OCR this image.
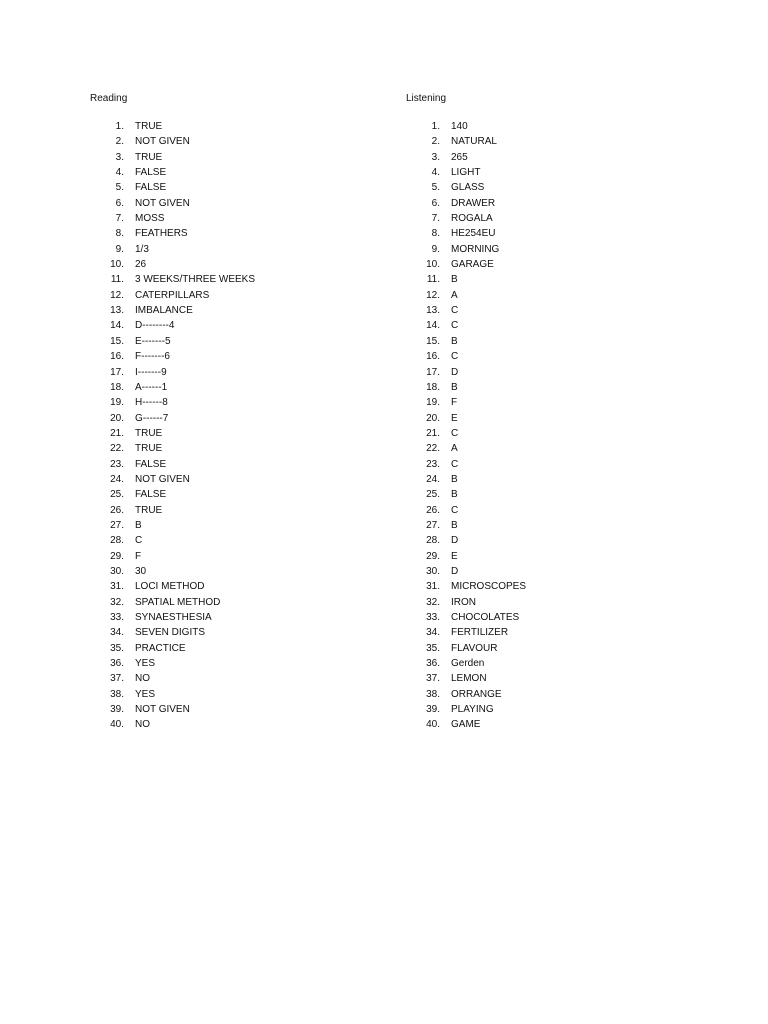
Reading
1. TRUE
2. NOT GIVEN
3. TRUE
4. FALSE
5. FALSE
6. NOT GIVEN
7. MOSS
8. FEATHERS
9. 1/3
10. 26
11. 3 WEEKS/THREE WEEKS
12. CATERPILLARS
13. IMBALANCE
14. D--------4
15. E-------5
16. F-------6
17. I-------9
18. A------1
19. H------8
20. G------7
21. TRUE
22. TRUE
23. FALSE
24. NOT GIVEN
25. FALSE
26. TRUE
27. B
28. C
29. F
30. 30
31. LOCI METHOD
32. SPATIAL METHOD
33. SYNAESTHESIA
34. SEVEN DIGITS
35. PRACTICE
36. YES
37. NO
38. YES
39. NOT GIVEN
40. NO
Listening
1. 140
2. NATURAL
3. 265
4. LIGHT
5. GLASS
6. DRAWER
7. ROGALA
8. HE254EU
9. MORNING
10. GARAGE
11. B
12. A
13. C
14. C
15. B
16. C
17. D
18. B
19. F
20. E
21. C
22. A
23. C
24. B
25. B
26. C
27. B
28. D
29. E
30. D
31. MICROSCOPES
32. IRON
33. CHOCOLATES
34. FERTILIZER
35. FLAVOUR
36. Gerden
37. LEMON
38. ORRANGE
39. PLAYING
40. GAME
